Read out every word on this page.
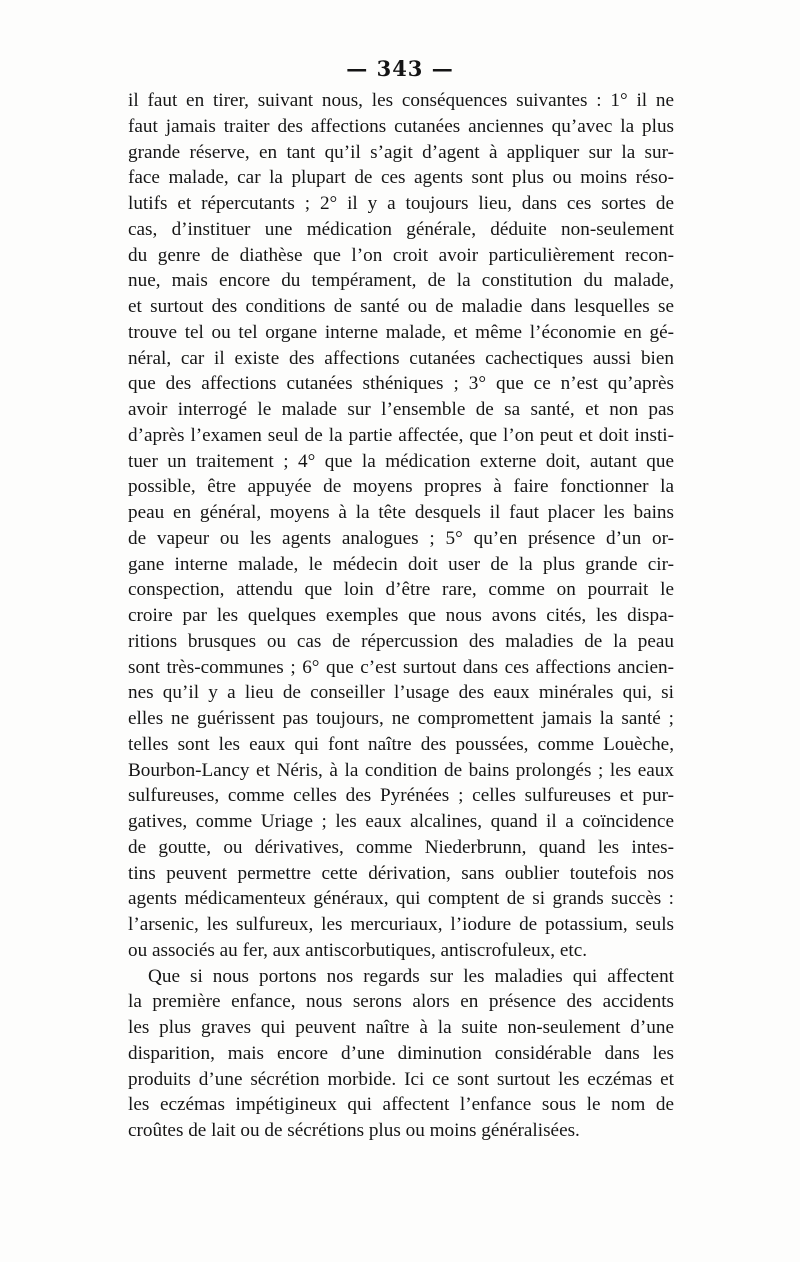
— 343 —
il faut en tirer, suivant nous, les conséquences suivantes : 1° il ne
faut jamais traiter des affections cutanées anciennes qu’avec la plus
grande réserve, en tant qu’il s’agit d’agent à appliquer sur la sur-
face malade, car la plupart de ces agents sont plus ou moins réso-
lutifs et répercutants ; 2° il y a toujours lieu, dans ces sortes de
cas, d’instituer une médication générale, déduite non-seulement
du genre de diathèse que l’on croit avoir particulièrement recon-
nue, mais encore du tempérament, de la constitution du malade,
et surtout des conditions de santé ou de maladie dans lesquelles se
trouve tel ou tel organe interne malade, et même l’économie en gé-
néral, car il existe des affections cutanées cachectiques aussi bien
que des affections cutanées sthéniques ; 3° que ce n’est qu’après
avoir interrogé le malade sur l’ensemble de sa santé, et non pas
d’après l’examen seul de la partie affectée, que l’on peut et doit insti-
tuer un traitement ; 4° que la médication externe doit, autant que
possible, être appuyée de moyens propres à faire fonctionner la
peau en général, moyens à la tête desquels il faut placer les bains
de vapeur ou les agents analogues ; 5° qu’en présence d’un or-
gane interne malade, le médecin doit user de la plus grande cir-
conspection, attendu que loin d’être rare, comme on pourrait le
croire par les quelques exemples que nous avons cités, les dispa-
ritions brusques ou cas de répercussion des maladies de la peau
sont très-communes ; 6° que c’est surtout dans ces affections ancien-
nes qu’il y a lieu de conseiller l’usage des eaux minérales qui, si
elles ne guérissent pas toujours, ne compromettent jamais la santé ;
telles sont les eaux qui font naître des poussées, comme Louèche,
Bourbon-Lancy et Néris, à la condition de bains prolongés ; les eaux
sulfureuses, comme celles des Pyrénées ; celles sulfureuses et pur-
gatives, comme Uriage ; les eaux alcalines, quand il a coïncidence
de goutte, ou dérivatives, comme Niederbrunn, quand les intes-
tins peuvent permettre cette dérivation, sans oublier toutefois nos
agents médicamenteux généraux, qui comptent de si grands succès :
l’arsenic, les sulfureux, les mercuriaux, l’iodure de potassium, seuls
ou associés au fer, aux antiscorbutiques, antiscrofuleux, etc.
Que si nous portons nos regards sur les maladies qui affectent
la première enfance, nous serons alors en présence des accidents
les plus graves qui peuvent naître à la suite non-seulement d’une
disparition, mais encore d’une diminution considérable dans les
produits d’une sécrétion morbide. Ici ce sont surtout les eczémas et
les eczémas impétigineux qui affectent l’enfance sous le nom de
croûtes de lait ou de sécrétions plus ou moins généralisées.
